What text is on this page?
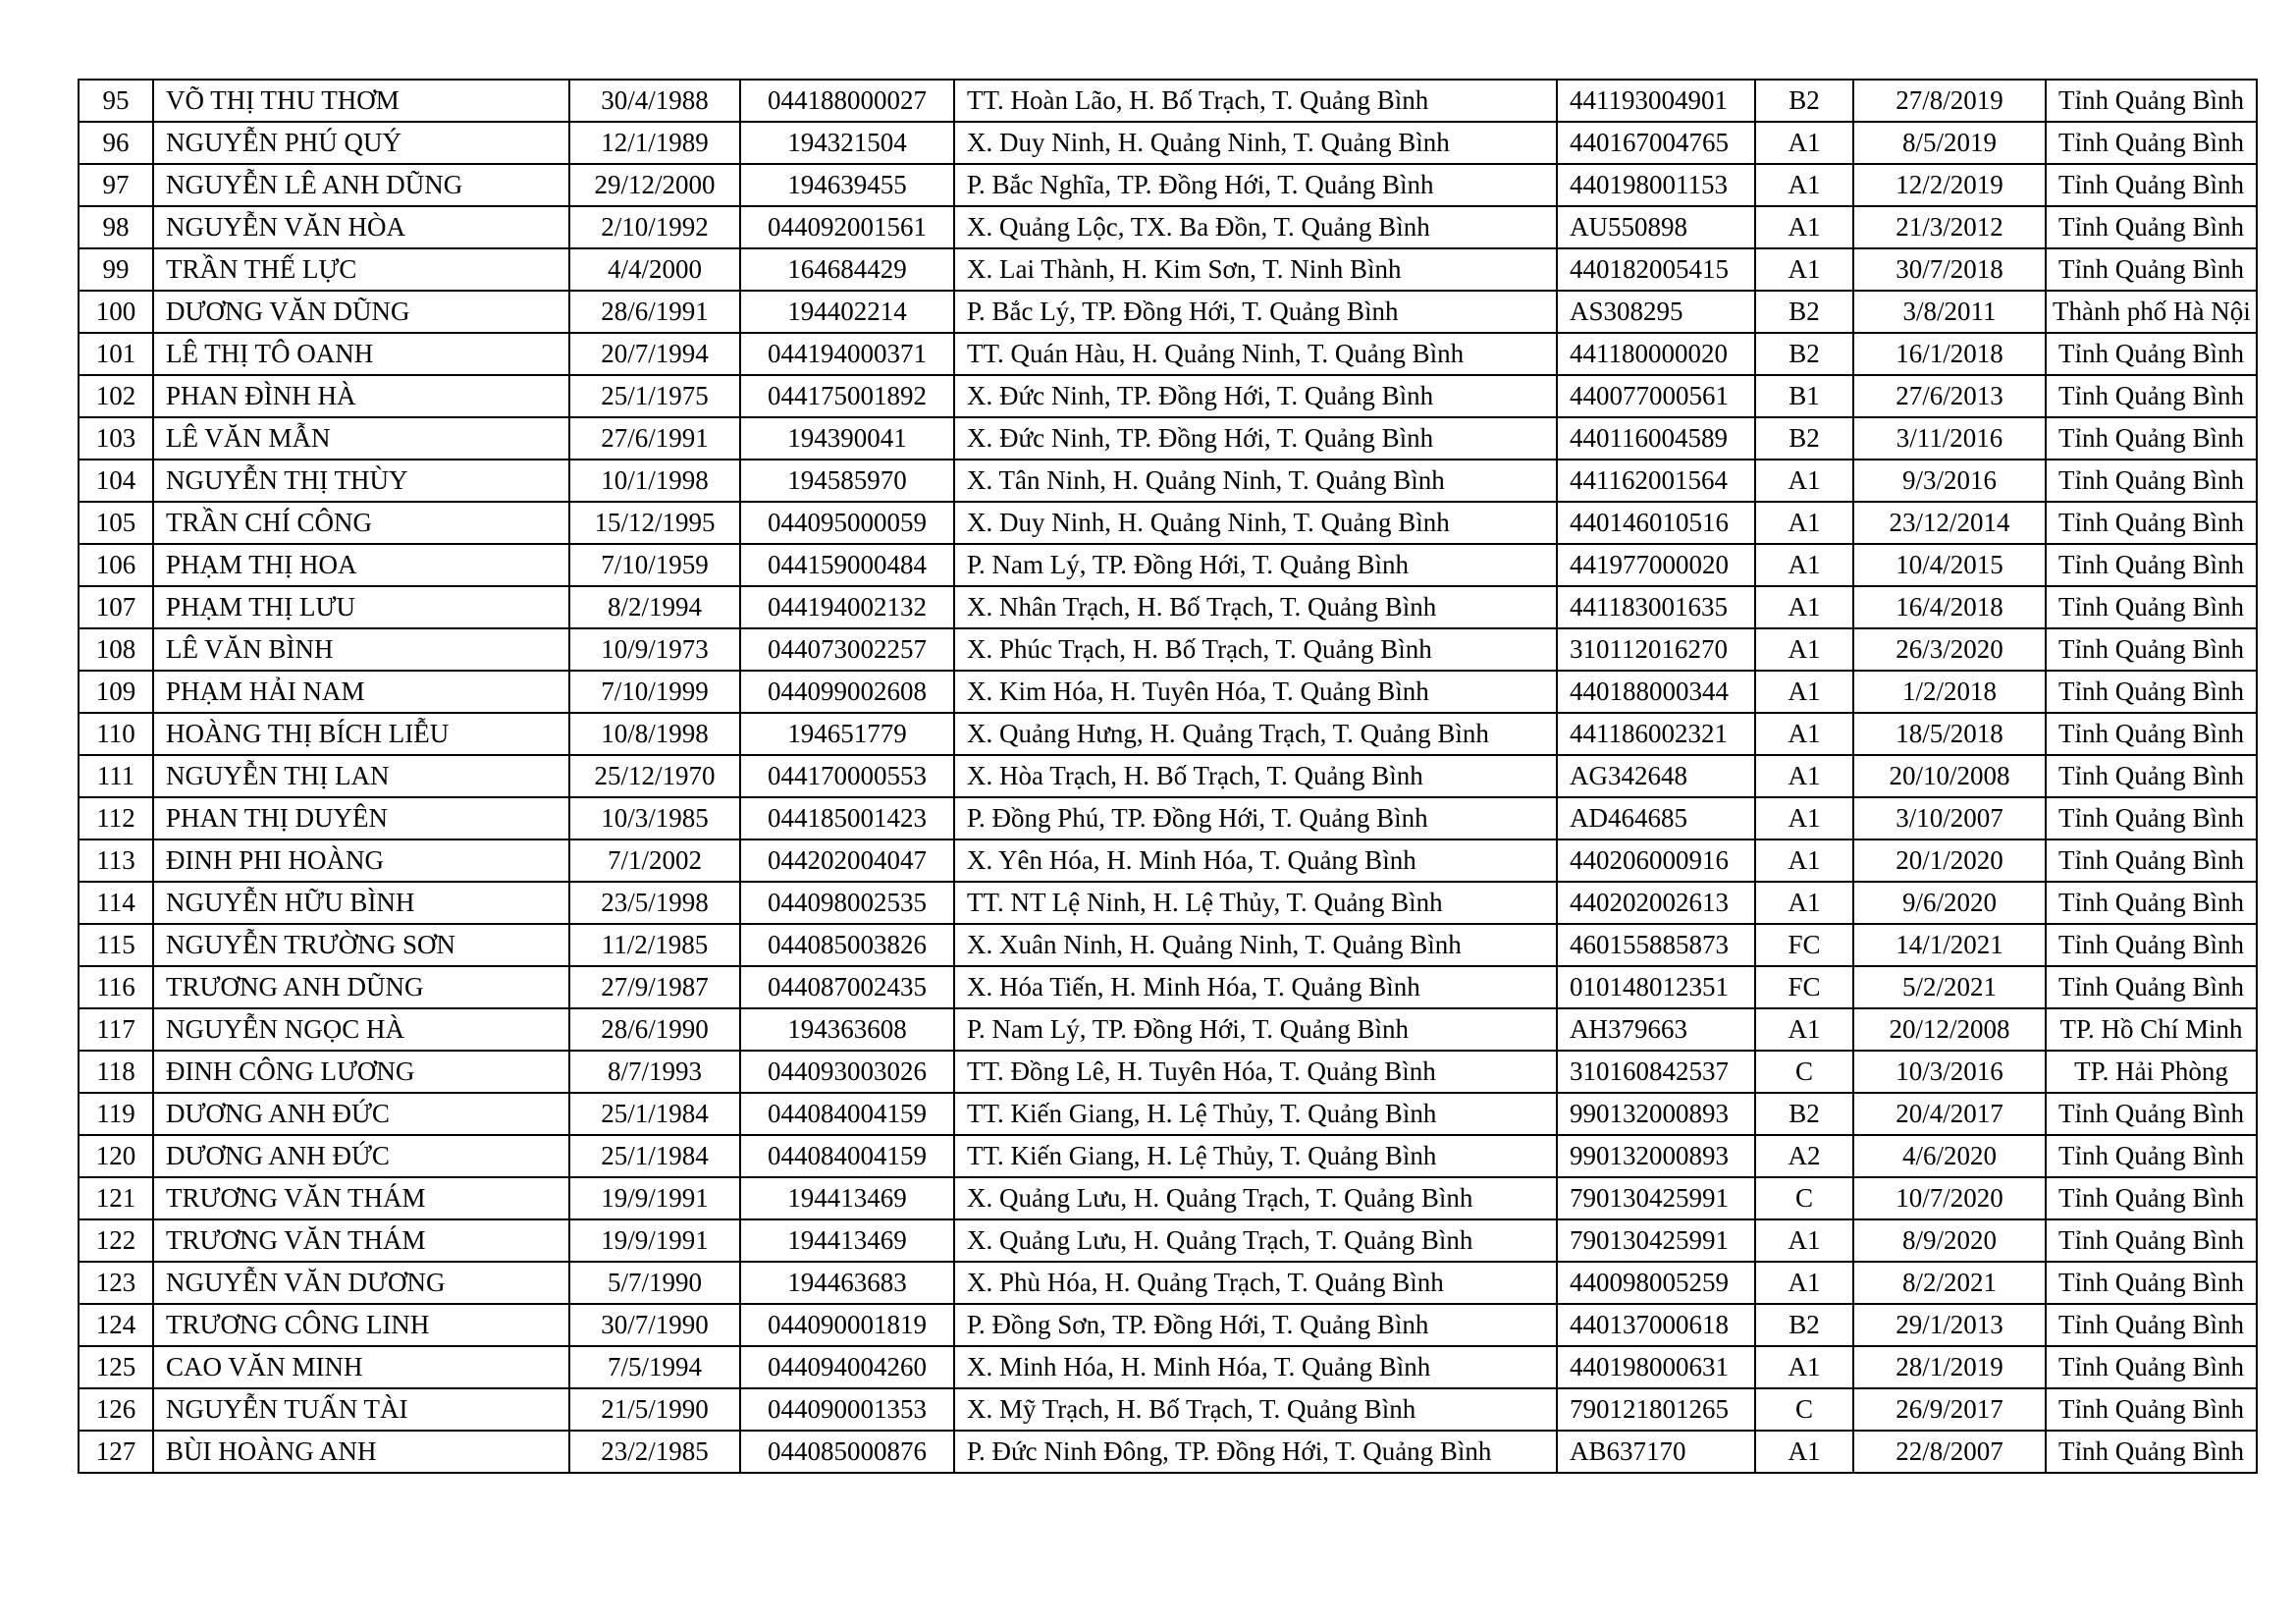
95	VÕ THỊ THU THƠM	30/4/1988	044188000027	TT. Hoàn Lão, H. Bố Trạch, T. Quảng Bình	441193004901	B2	27/8/2019	Tỉnh Quảng Bình
96	NGUYỄN PHÚ QUÝ	12/1/1989	194321504	X. Duy Ninh, H. Quảng Ninh, T. Quảng Bình	440167004765	A1	8/5/2019	Tỉnh Quảng Bình
97	NGUYỄN LÊ ANH DŨNG	29/12/2000	194639455	P. Bắc Nghĩa, TP. Đồng Hới, T. Quảng Bình	440198001153	A1	12/2/2019	Tỉnh Quảng Bình
98	NGUYỄN VĂN HÒA	2/10/1992	044092001561	X. Quảng Lộc, TX. Ba Đồn, T. Quảng Bình	AU550898	A1	21/3/2012	Tỉnh Quảng Bình
99	TRẦN THẾ LỰC	4/4/2000	164684429	X. Lai Thành, H. Kim Sơn, T. Ninh Bình	440182005415	A1	30/7/2018	Tỉnh Quảng Bình
100	DƯƠNG VĂN DŨNG	28/6/1991	194402214	P. Bắc Lý, TP. Đồng Hới, T. Quảng Bình	AS308295	B2	3/8/2011	Thành phố Hà Nội
101	LÊ THỊ TÔ OANH	20/7/1994	044194000371	TT. Quán Hàu, H. Quảng Ninh, T. Quảng Bình	441180000020	B2	16/1/2018	Tỉnh Quảng Bình
102	PHAN ĐÌNH HÀ	25/1/1975	044175001892	X. Đức Ninh, TP. Đồng Hới, T. Quảng Bình	440077000561	B1	27/6/2013	Tỉnh Quảng Bình
103	LÊ VĂN MẪN	27/6/1991	194390041	X. Đức Ninh, TP. Đồng Hới, T. Quảng Bình	440116004589	B2	3/11/2016	Tỉnh Quảng Bình
104	NGUYỄN THỊ THÙY	10/1/1998	194585970	X. Tân Ninh, H. Quảng Ninh, T. Quảng Bình	441162001564	A1	9/3/2016	Tỉnh Quảng Bình
105	TRẦN CHÍ CÔNG	15/12/1995	044095000059	X. Duy Ninh, H. Quảng Ninh, T. Quảng Bình	440146010516	A1	23/12/2014	Tỉnh Quảng Bình
106	PHẠM THỊ HOA	7/10/1959	044159000484	P. Nam Lý, TP. Đồng Hới, T. Quảng Bình	441977000020	A1	10/4/2015	Tỉnh Quảng Bình
107	PHẠM THỊ LƯU	8/2/1994	044194002132	X. Nhân Trạch, H. Bố Trạch, T. Quảng Bình	441183001635	A1	16/4/2018	Tỉnh Quảng Bình
108	LÊ VĂN BÌNH	10/9/1973	044073002257	X. Phúc Trạch, H. Bố Trạch, T. Quảng Bình	310112016270	A1	26/3/2020	Tỉnh Quảng Bình
109	PHẠM HẢI NAM	7/10/1999	044099002608	X. Kim Hóa, H. Tuyên Hóa, T. Quảng Bình	440188000344	A1	1/2/2018	Tỉnh Quảng Bình
110	HOÀNG THỊ BÍCH LIỄU	10/8/1998	194651779	X. Quảng Hưng, H. Quảng Trạch, T. Quảng Bình	441186002321	A1	18/5/2018	Tỉnh Quảng Bình
111	NGUYỄN THỊ LAN	25/12/1970	044170000553	X. Hòa Trạch, H. Bố Trạch, T. Quảng Bình	AG342648	A1	20/10/2008	Tỉnh Quảng Bình
112	PHAN THỊ DUYÊN	10/3/1985	044185001423	P. Đồng Phú, TP. Đồng Hới, T. Quảng Bình	AD464685	A1	3/10/2007	Tỉnh Quảng Bình
113	ĐINH PHI HOÀNG	7/1/2002	044202004047	X. Yên Hóa, H. Minh Hóa, T. Quảng Bình	440206000916	A1	20/1/2020	Tỉnh Quảng Bình
114	NGUYỄN HỮU BÌNH	23/5/1998	044098002535	TT. NT Lệ Ninh, H. Lệ Thủy, T. Quảng Bình	440202002613	A1	9/6/2020	Tỉnh Quảng Bình
115	NGUYỄN TRƯỜNG SƠN	11/2/1985	044085003826	X. Xuân Ninh, H. Quảng Ninh, T. Quảng Bình	460155885873	FC	14/1/2021	Tỉnh Quảng Bình
116	TRƯƠNG ANH DŨNG	27/9/1987	044087002435	X. Hóa Tiến, H. Minh Hóa, T. Quảng Bình	010148012351	FC	5/2/2021	Tỉnh Quảng Bình
117	NGUYỄN NGỌC HÀ	28/6/1990	194363608	P. Nam Lý, TP. Đồng Hới, T. Quảng Bình	AH379663	A1	20/12/2008	TP. Hồ Chí Minh
118	ĐINH CÔNG LƯƠNG	8/7/1993	044093003026	TT. Đồng Lê, H. Tuyên Hóa, T. Quảng Bình	310160842537	C	10/3/2016	TP. Hải Phòng
119	DƯƠNG ANH ĐỨC	25/1/1984	044084004159	TT. Kiến Giang, H. Lệ Thủy, T. Quảng Bình	990132000893	B2	20/4/2017	Tỉnh Quảng Bình
120	DƯƠNG ANH ĐỨC	25/1/1984	044084004159	TT. Kiến Giang, H. Lệ Thủy, T. Quảng Bình	990132000893	A2	4/6/2020	Tỉnh Quảng Bình
121	TRƯƠNG VĂN THÁM	19/9/1991	194413469	X. Quảng Lưu, H. Quảng Trạch, T. Quảng Bình	790130425991	C	10/7/2020	Tỉnh Quảng Bình
122	TRƯƠNG VĂN THÁM	19/9/1991	194413469	X. Quảng Lưu, H. Quảng Trạch, T. Quảng Bình	790130425991	A1	8/9/2020	Tỉnh Quảng Bình
123	NGUYỄN VĂN DƯƠNG	5/7/1990	194463683	X. Phù Hóa, H. Quảng Trạch, T. Quảng Bình	440098005259	A1	8/2/2021	Tỉnh Quảng Bình
124	TRƯƠNG CÔNG LINH	30/7/1990	044090001819	P. Đồng Sơn, TP. Đồng Hới, T. Quảng Bình	440137000618	B2	29/1/2013	Tỉnh Quảng Bình
125	CAO VĂN MINH	7/5/1994	044094004260	X. Minh Hóa, H. Minh Hóa, T. Quảng Bình	440198000631	A1	28/1/2019	Tỉnh Quảng Bình
126	NGUYỄN TUẤN TÀI	21/5/1990	044090001353	X. Mỹ Trạch, H. Bố Trạch, T. Quảng Bình	790121801265	C	26/9/2017	Tỉnh Quảng Bình
127	BÙI HOÀNG ANH	23/2/1985	044085000876	P. Đức Ninh Đông, TP. Đồng Hới, T. Quảng Bình	AB637170	A1	22/8/2007	Tỉnh Quảng Bình
